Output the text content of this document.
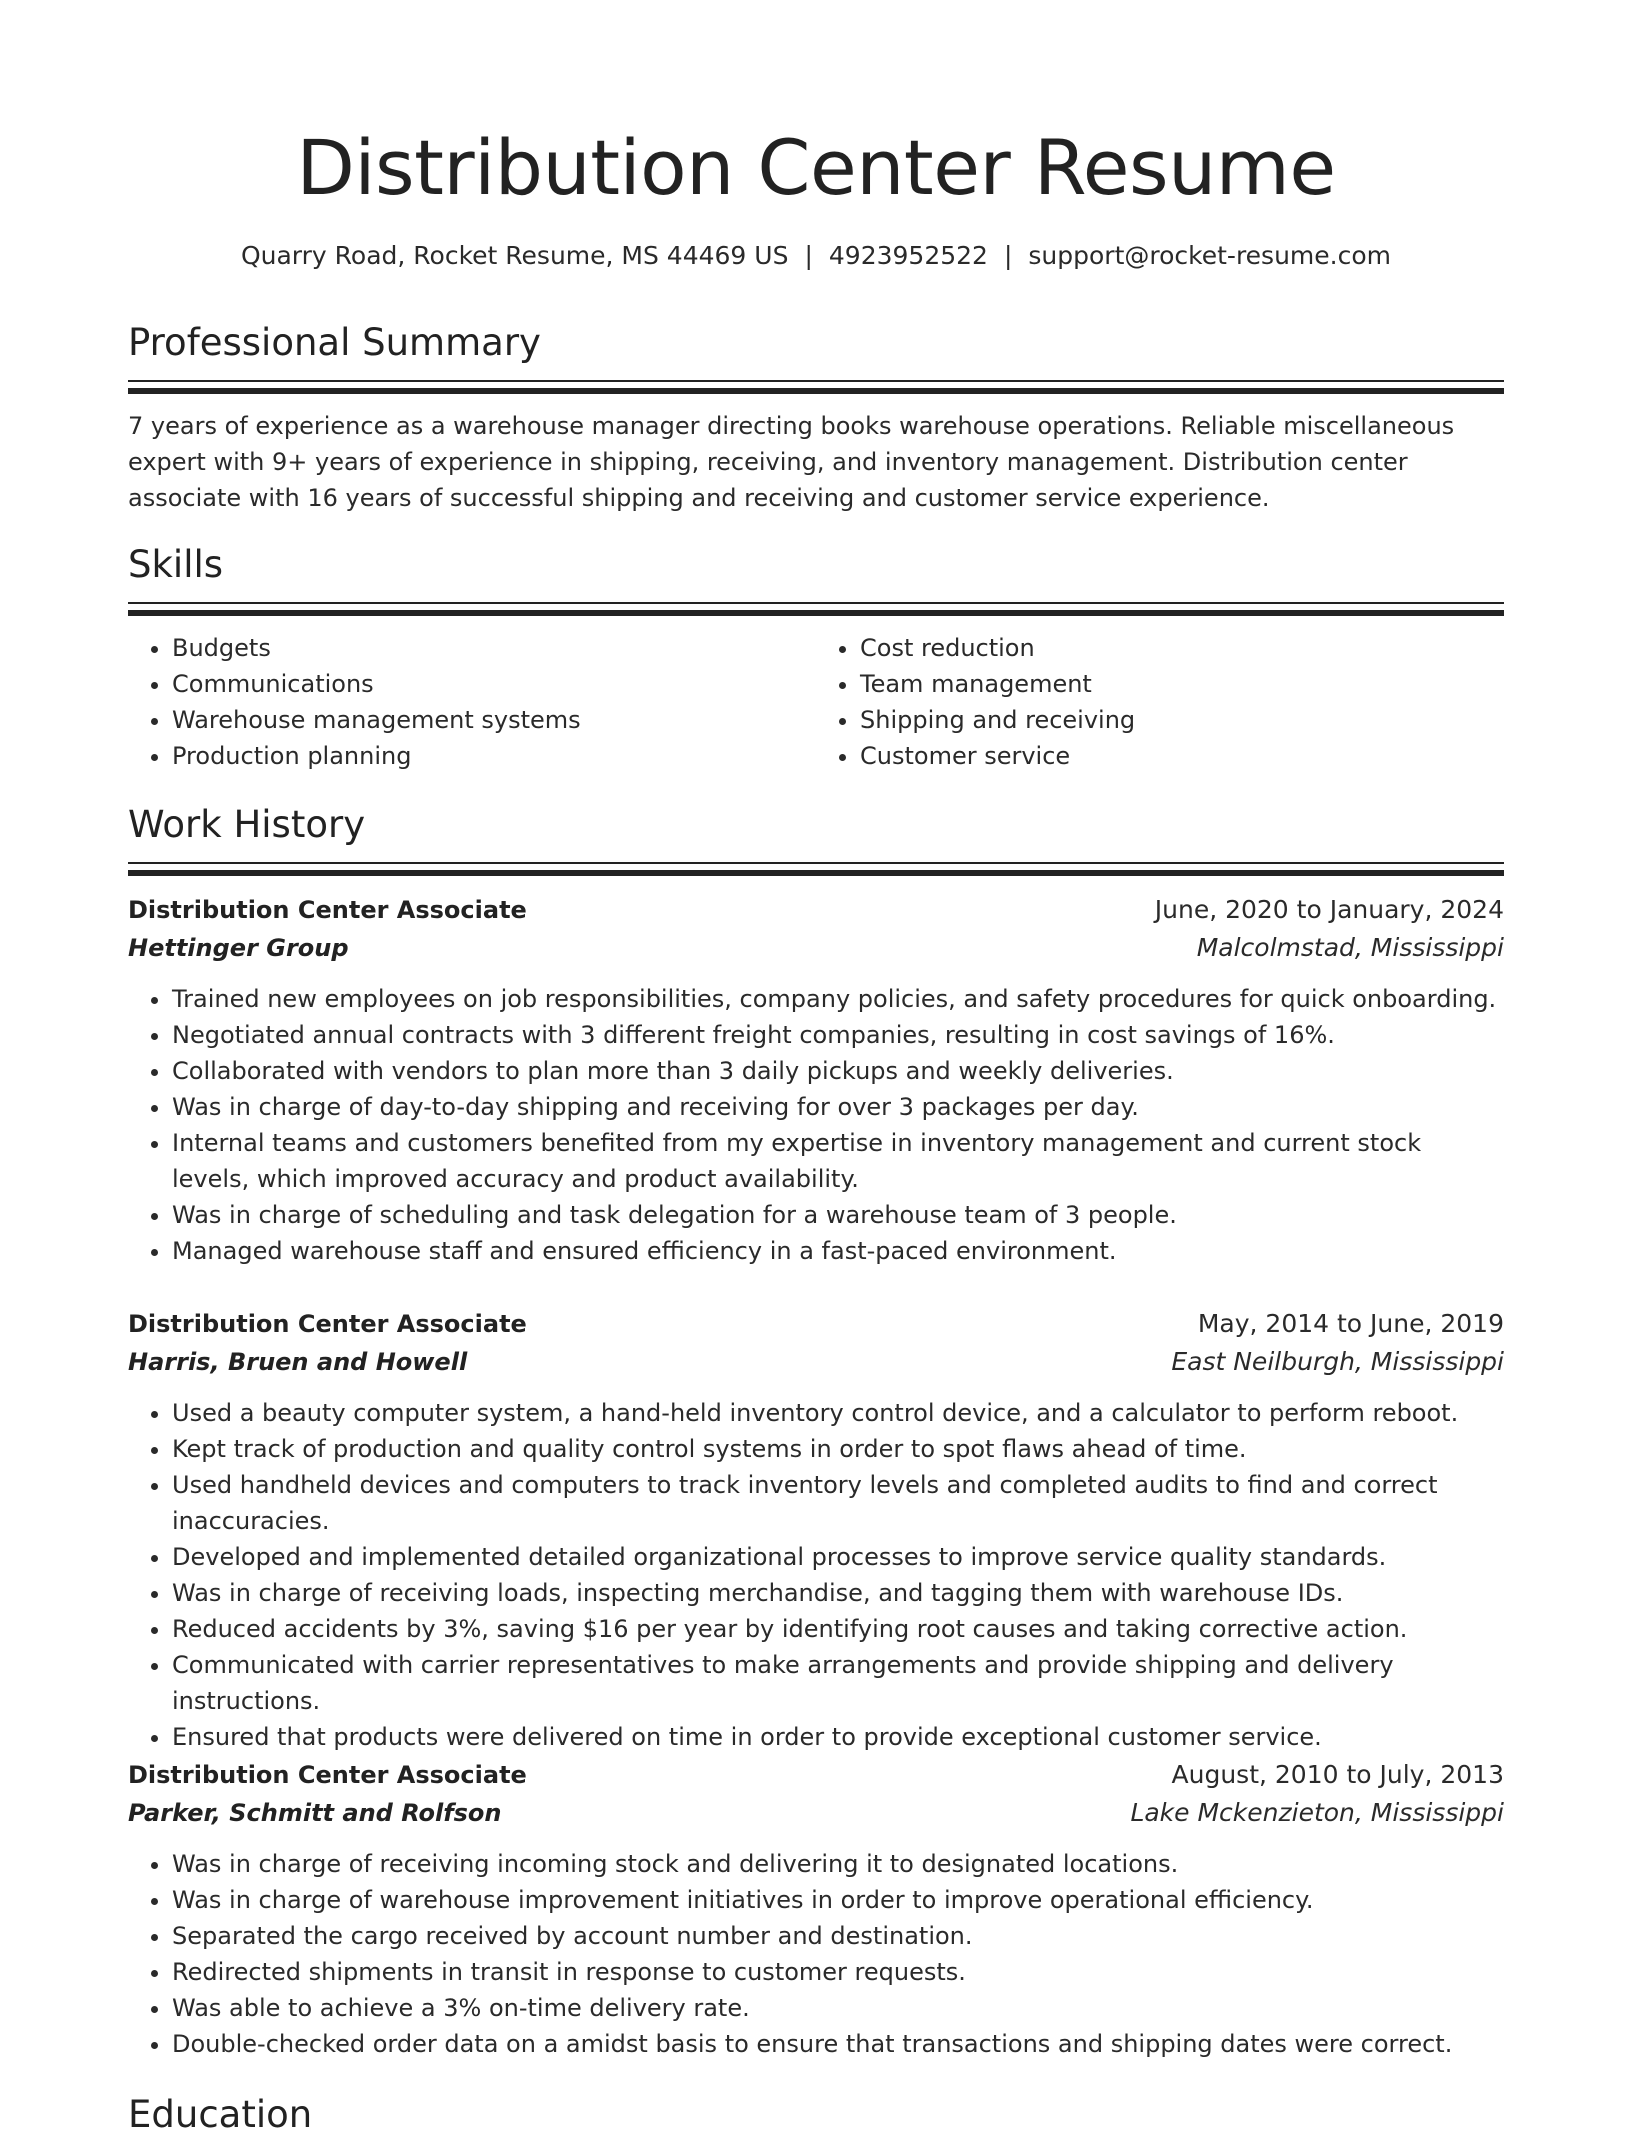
Distribution Center Resume
Quarry Road, Rocket Resume, MS 44469 US | 4923952522 | support@rocket-resume.com
Professional Summary

7 years of experience as a warehouse manager directing books warehouse operations. Reliable miscellaneous expert with 9+ years of experience in shipping, receiving, and inventory management. Distribution center associate with 16 years of successful shipping and receiving and customer service experience.

Skills
• Budgets
• Communications
• Warehouse management systems
• Production planning
• Cost reduction
• Team management
• Shipping and receiving
• Customer service
Work History
Distribution Center Associate	June, 2020 to January, 2024
Hettinger Group	Malcolmstad, Mississippi
• Trained new employees on job responsibilities, company policies, and safety procedures for quick onboarding.
• Negotiated annual contracts with 3 different freight companies, resulting in cost savings of 16%.
• Collaborated with vendors to plan more than 3 daily pickups and weekly deliveries.
• Was in charge of day-to-day shipping and receiving for over 3 packages per day.
• Internal teams and customers benefited from my expertise in inventory management and current stock levels, which improved accuracy and product availability.
• Was in charge of scheduling and task delegation for a warehouse team of 3 people.
• Managed warehouse staff and ensured efficiency in a fast-paced environment.
Distribution Center Associate	May, 2014 to June, 2019
Harris, Bruen and Howell	East Neilburgh, Mississippi
• Used a beauty computer system, a hand-held inventory control device, and a calculator to perform reboot.
• Kept track of production and quality control systems in order to spot flaws ahead of time.
• Used handheld devices and computers to track inventory levels and completed audits to find and correct inaccuracies.
• Developed and implemented detailed organizational processes to improve service quality standards.
• Was in charge of receiving loads, inspecting merchandise, and tagging them with warehouse IDs.
• Reduced accidents by 3%, saving $16 per year by identifying root causes and taking corrective action.
• Communicated with carrier representatives to make arrangements and provide shipping and delivery instructions.
• Ensured that products were delivered on time in order to provide exceptional customer service.
Distribution Center Associate	August, 2010 to July, 2013
Parker, Schmitt and Rolfson	Lake Mckenzieton, Mississippi
• Was in charge of receiving incoming stock and delivering it to designated locations.
• Was in charge of warehouse improvement initiatives in order to improve operational efficiency.
• Separated the cargo received by account number and destination.
• Redirected shipments in transit in response to customer requests.
• Was able to achieve a 3% on-time delivery rate.
• Double-checked order data on a amidst basis to ensure that transactions and shipping dates were correct.
Education
